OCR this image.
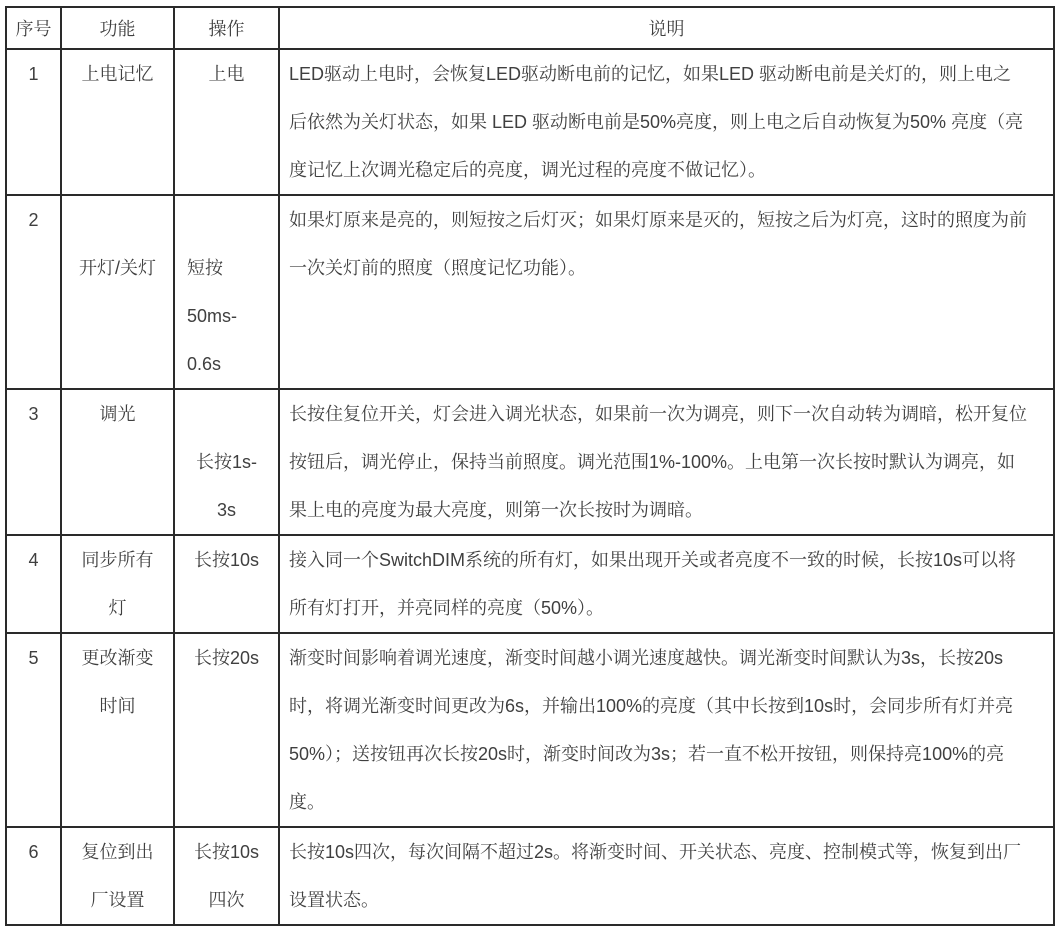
序号	功能	操作	说明

1	上电记忆	上电	LED驱动上电时，会恢复LED驱动断电前的记忆，如果LED 驱动断电前是关灯的，则上电之后依然为关灯状态，如果 LED 驱动断电前是50%亮度，则上电之后自动恢复为50% 亮度（亮度记忆上次调光稳定后的亮度，调光过程的亮度不做记忆）。

2	开灯/关灯	短按
50ms-
0.6s	如果灯原来是亮的，则短按之后灯灭；如果灯原来是灭的，短按之后为灯亮，这时的照度为前一次关灯前的照度（照度记忆功能）。

3	调光	长按1s-
3s	长按住复位开关，灯会进入调光状态，如果前一次为调亮，则下一次自动转为调暗，松开复位按钮后，调光停止，保持当前照度。调光范围1%-100%。上电第一次长按时默认为调亮，如果上电的亮度为最大亮度，则第一次长按时为调暗。

4	同步所有
灯	长按10s	接入同一个SwitchDIM系统的所有灯，如果出现开关或者亮度不一致的时候，长按10s可以将所有灯打开，并亮同样的亮度（50%）。

5	更改渐变
时间	长按20s	渐变时间影响着调光速度，渐变时间越小调光速度越快。调光渐变时间默认为3s，长按20s时，将调光渐变时间更改为6s，并输出100%的亮度（其中长按到10s时，会同步所有灯并亮50%）；送按钮再次长按20s时，渐变时间改为3s；若一直不松开按钮，则保持亮100%的亮度。

6	复位到出
厂设置	长按10s
四次	长按10s四次，每次间隔不超过2s。将渐变时间、开关状态、亮度、控制模式等，恢复到出厂设置状态。
